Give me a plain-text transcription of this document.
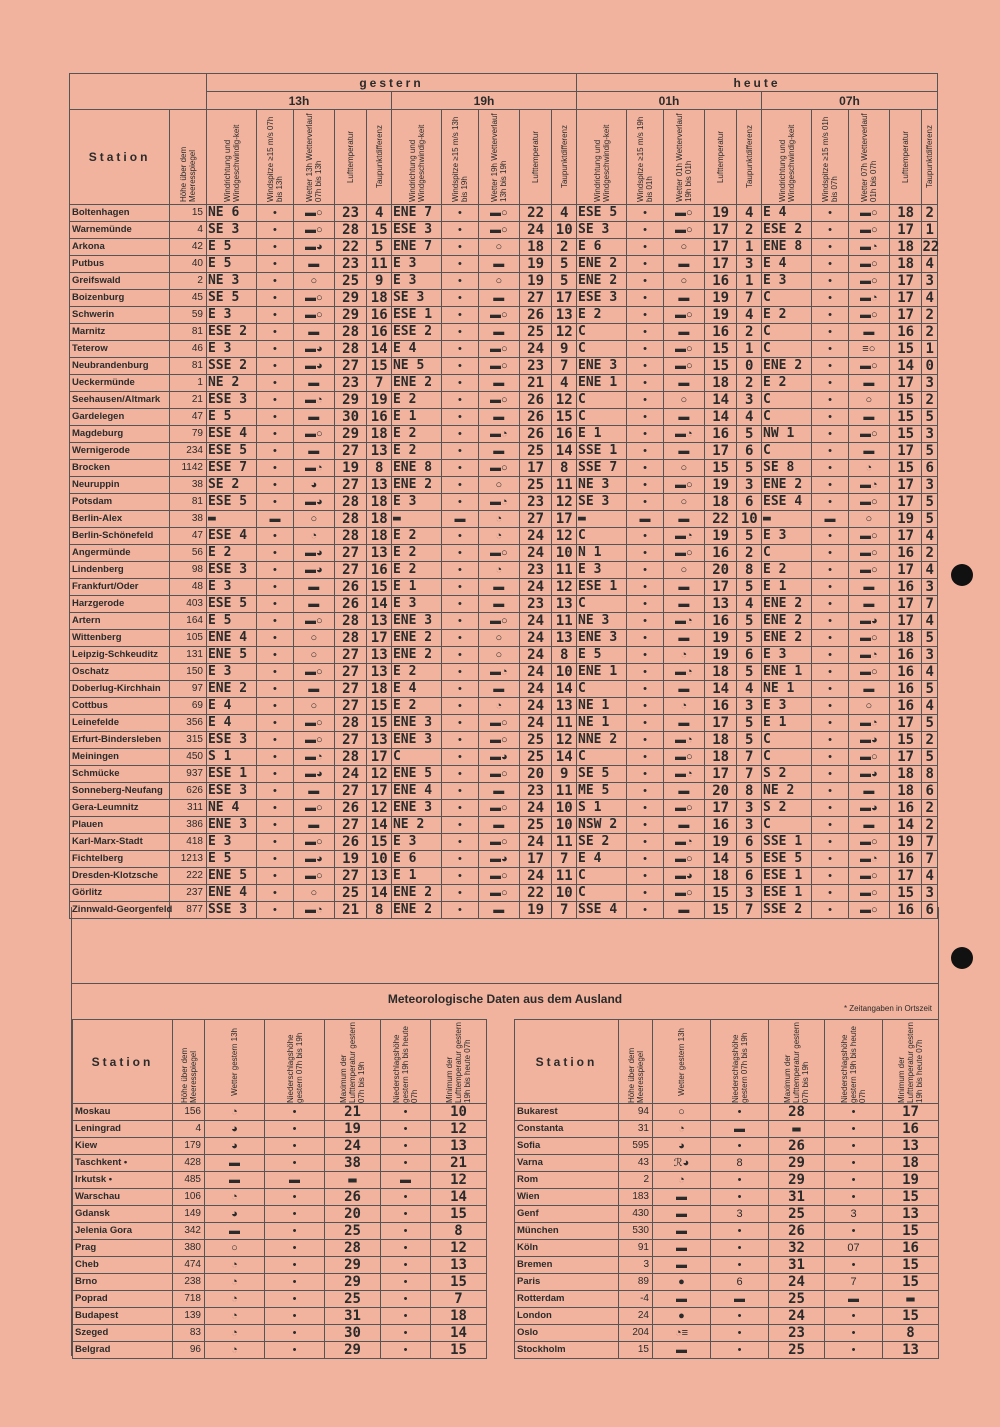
		gestern										heute									
		13h					19h					01h					07h				
Station	Höhe über dem Meeresspiegel	Windrichtung und Windgeschwindig-keit	Windspitze ≥15 m/s 07h bis 13h	Wetter 13h Wetterverlauf 07h bis 13h	Lufttemperatur	Taupunktdifferenz	Windrichtung und Windgeschwindig-keit	Windspitze ≥15 m/s 13h bis 19h	Wetter 19h Wetterverlauf 13h bis 19h	Lufttemperatur	Taupunktdifferenz	Windrichtung und Windgeschwindig-keit	Windspitze ≥15 m/s 19h bis 01h	Wetter 01h Wetterverlauf 19h bis 01h	Lufttemperatur	Taupunktdifferenz	Windrichtung und Windgeschwindig-keit	Windspitze ≥15 m/s 01h bis 07h	Wetter 07h Wetterverlauf 01h bis 07h	Lufttemperatur	Taupunktdifferenz

Boltenhagen	15	NE 6	•	▬○	23	4	ENE 7	•	▬○	22	4	ESE 5	•	▬○	19	4	E 4	•	▬○	18	2
Warnemünde	4	SE 3	•	▬○	28	15	ESE 3	•	▬○	24	10	SE 3	•	▬○	17	2	ESE 2	•	▬○	17	1
Arkona	42	E 5	•	▬◕	22	5	ENE 7	•	○	18	2	E 6	•	○	17	1	ENE 8	•	▬◔	18	22
Putbus	40	E 5	•	▬	23	11	E 3	•	▬	19	5	ENE 2	•	▬	17	3	E 4	•	▬○	18	4
Greifswald	2	NE 3	•	○	25	9	E 3	•	○	19	5	ENE 2	•	○	16	1	E 3	•	▬○	17	3
Boizenburg	45	SE 5	•	▬○	29	18	SE 3	•	▬	27	17	ESE 3	•	▬	19	7	C	•	▬◔	17	4
Schwerin	59	E 3	•	▬○	29	16	ESE 1	•	▬○	26	13	E 2	•	▬○	19	4	E 2	•	▬○	17	2
Marnitz	81	ESE 2	•	▬	28	16	ESE 2	•	▬	25	12	C	•	▬	16	2	C	•	▬	16	2
Teterow	46	E 3	•	▬◕	28	14	E 4	•	▬○	24	9	C	•	▬○	15	1	C	•	≡○	15	1
Neubrandenburg	81	SSE 2	•	▬◕	27	15	NE 5	•	▬○	23	7	ENE 3	•	▬○	15	0	ENE 2	•	▬○	14	0
Ueckermünde	1	NE 2	•	▬	23	7	ENE 2	•	▬	21	4	ENE 1	•	▬	18	2	E 2	•	▬	17	3
Seehausen/Altmark	21	ESE 3	•	▬◔	29	19	E 2	•	▬○	26	12	C	•	○	14	3	C	•	○	15	2
Gardelegen	47	E 5	•	▬	30	16	E 1	•	▬	26	15	C	•	▬	14	4	C	•	▬	15	5
Magdeburg	79	ESE 4	•	▬○	29	18	E 2	•	▬◔	26	16	E 1	•	▬◔	16	5	NW 1	•	▬○	15	3
Wernigerode	234	ESE 5	•	▬	27	13	E 2	•	▬	25	14	SSE 1	•	▬	17	6	C	•	▬	17	5
Brocken	1142	ESE 7	•	▬◔	19	8	ENE 8	•	▬○	17	8	SSE 7	•	○	15	5	SE 8	•	◔	15	6
Neuruppin	38	SE 2	•	◕	27	13	ENE 2	•	○	25	11	NE 3	•	▬○	19	3	ENE 2	•	▬◔	17	3
Potsdam	81	ESE 5	•	▬◕	28	18	E 3	•	▬◔	23	12	SE 3	•	○	18	6	ESE 4	•	▬○	17	5
Berlin-Alex	38	▬	▬	○	28	18	▬	▬	◔	27	17	▬	▬	▬	22	10	▬	▬	○	19	5
Berlin-Schönefeld	47	ESE 4	•	◔	28	18	E 2	•	◔	24	12	C	•	▬◔	19	5	E 3	•	▬○	17	4
Angermünde	56	E 2	•	▬◕	27	13	E 2	•	▬○	24	10	N 1	•	▬○	16	2	C	•	▬○	16	2
Lindenberg	98	ESE 3	•	▬◕	27	16	E 2	•	◔	23	11	E 3	•	○	20	8	E 2	•	▬○	17	4
Frankfurt/Oder	48	E 3	•	▬	26	15	E 1	•	▬	24	12	ESE 1	•	▬	17	5	E 1	•	▬	16	3
Harzgerode	403	ESE 5	•	▬	26	14	E 3	•	▬	23	13	C	•	▬	13	4	ENE 2	•	▬	17	7
Artern	164	E 5	•	▬○	28	13	ENE 3	•	▬○	24	11	NE 3	•	▬◔	16	5	ENE 2	•	▬◕	17	4
Wittenberg	105	ENE 4	•	○	28	17	ENE 2	•	○	24	13	ENE 3	•	▬	19	5	ENE 2	•	▬○	18	5
Leipzig-Schkeuditz	131	ENE 5	•	○	27	13	ENE 2	•	○	24	8	E 5	•	◔	19	6	E 3	•	▬◔	16	3
Oschatz	150	E 3	•	▬○	27	13	E 2	•	▬◔	24	10	ENE 1	•	▬◔	18	5	ENE 1	•	▬○	16	4
Doberlug-Kirchhain	97	ENE 2	•	▬	27	18	E 4	•	▬	24	14	C	•	▬	14	4	NE 1	•	▬	16	5
Cottbus	69	E 4	•	○	27	15	E 2	•	◔	24	13	NE 1	•	◔	16	3	E 3	•	○	16	4
Leinefelde	356	E 4	•	▬○	28	15	ENE 3	•	▬○	24	11	NE 1	•	▬	17	5	E 1	•	▬◔	17	5
Erfurt-Bindersleben	315	ESE 3	•	▬○	27	13	ENE 3	•	▬○	25	12	NNE 2	•	▬◔	18	5	C	•	▬◕	15	2
Meiningen	450	S 1	•	▬◔	28	17	C	•	▬◕	25	14	C	•	▬○	18	7	C	•	▬○	17	5
Schmücke	937	ESE 1	•	▬◕	24	12	ENE 5	•	▬○	20	9	SE 5	•	▬◔	17	7	S 2	•	▬◕	18	8
Sonneberg-Neufang	626	ESE 3	•	▬	27	17	ENE 4	•	▬	23	11	ME 5	•	▬	20	8	NE 2	•	▬	18	6
Gera-Leumnitz	311	NE 4	•	▬○	26	12	ENE 3	•	▬○	24	10	S 1	•	▬○	17	3	S 2	•	▬◕	16	2
Plauen	386	ENE 3	•	▬	27	14	NE 2	•	▬	25	10	NSW 2	•	▬	16	3	C	•	▬	14	2
Karl-Marx-Stadt	418	E 3	•	▬○	26	15	E 3	•	▬○	24	11	SE 2	•	▬◔	19	6	SSE 1	•	▬○	19	7
Fichtelberg	1213	E 5	•	▬◕	19	10	E 6	•	▬◕	17	7	E 4	•	▬○	14	5	ESE 5	•	▬◔	16	7
Dresden-Klotzsche	222	ENE 5	•	▬○	27	13	E 1	•	▬○	24	11	C	•	▬◕	18	6	ESE 1	•	▬○	17	4
Görlitz	237	ENE 4	•	○	25	14	ENE 2	•	▬○	22	10	C	•	▬○	15	3	ESE 1	•	▬○	15	3
Zinnwald-Georgenfeld	877	SSE 3	•	▬◔	21	8	ENE 2	•	▬	19	7	SSE 4	•	▬	15	7	SSE 2	•	▬○	16	6
Meteorologische Daten aus dem Ausland
* Zeitangaben in Ortszeit
Station	Höhe über dem Meeresspiegel	Wetter gestern 13h	Niederschlagshöhe gestern 07h bis 19h	Maximum der Lufttemperatur gestern 07h bis 19h	Niederschlagshöhe gestern 19h bis heute 07h	Minimum der Lufttemperatur gestern 19h bis heute 07h

Moskau	156	◔	•	21	•	10
Leningrad	4	◕	•	19	•	12
Kiew	179	◕	•	24	•	13
Taschkent •	428	▬	•	38	•	21
Irkutsk •	485	▬	▬	▬	▬	12
Warschau	106	◔	•	26	•	14
Gdansk	149	◕	•	20	•	15
Jelenia Gora	342	▬	•	25	•	8
Prag	380	○	•	28	•	12
Cheb	474	◔	•	29	•	13
Brno	238	◔	•	29	•	15
Poprad	718	◔	•	25	•	7
Budapest	139	◔	•	31	•	18
Szeged	83	◔	•	30	•	14
Belgrad	96	◔	•	29	•	15
Station	Höhe über dem Meeresspiegel	Wetter gestern 13h	Niederschlagshöhe gestern 07h bis 19h	Maximum der Lufttemperatur gestern 07h bis 19h	Niederschlagshöhe gestern 19h bis heute 07h	Minimum der Lufttemperatur gestern 19h bis heute 07h

Bukarest	94	○	•	28	•	17
Constanta	31	◔	▬	▬	•	16
Sofia	595	◕	•	26	•	13
Varna	43	ℛ◕	8	29	•	18
Rom	2	◔	•	29	•	19
Wien	183	▬	•	31	•	15
Genf	430	▬	3	25	3	13
München	530	▬	•	26	•	15
Köln	91	▬	•	32	07	16
Bremen	3	▬	•	31	•	15
Paris	89	●	6	24	7	15
Rotterdam	-4	▬	▬	25	▬	▬
London	24	●	•	24	•	15
Oslo	204	◔≡	•	23	•	8
Stockholm	15	▬	•	25	•	13
